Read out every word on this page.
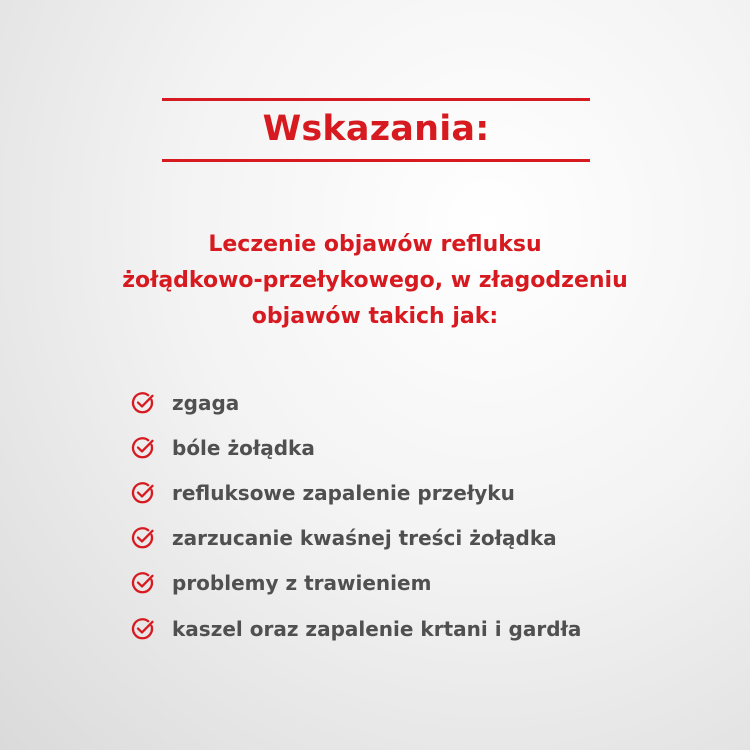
Wskazania:
Leczenie objawów refluksu
żołądkowo-przełykowego, w złagodzeniu
objawów takich jak:
zgaga
bóle żołądka
refluksowe zapalenie przełyku
zarzucanie kwaśnej treści żołądka
problemy z trawieniem
kaszel oraz zapalenie krtani i gardła
